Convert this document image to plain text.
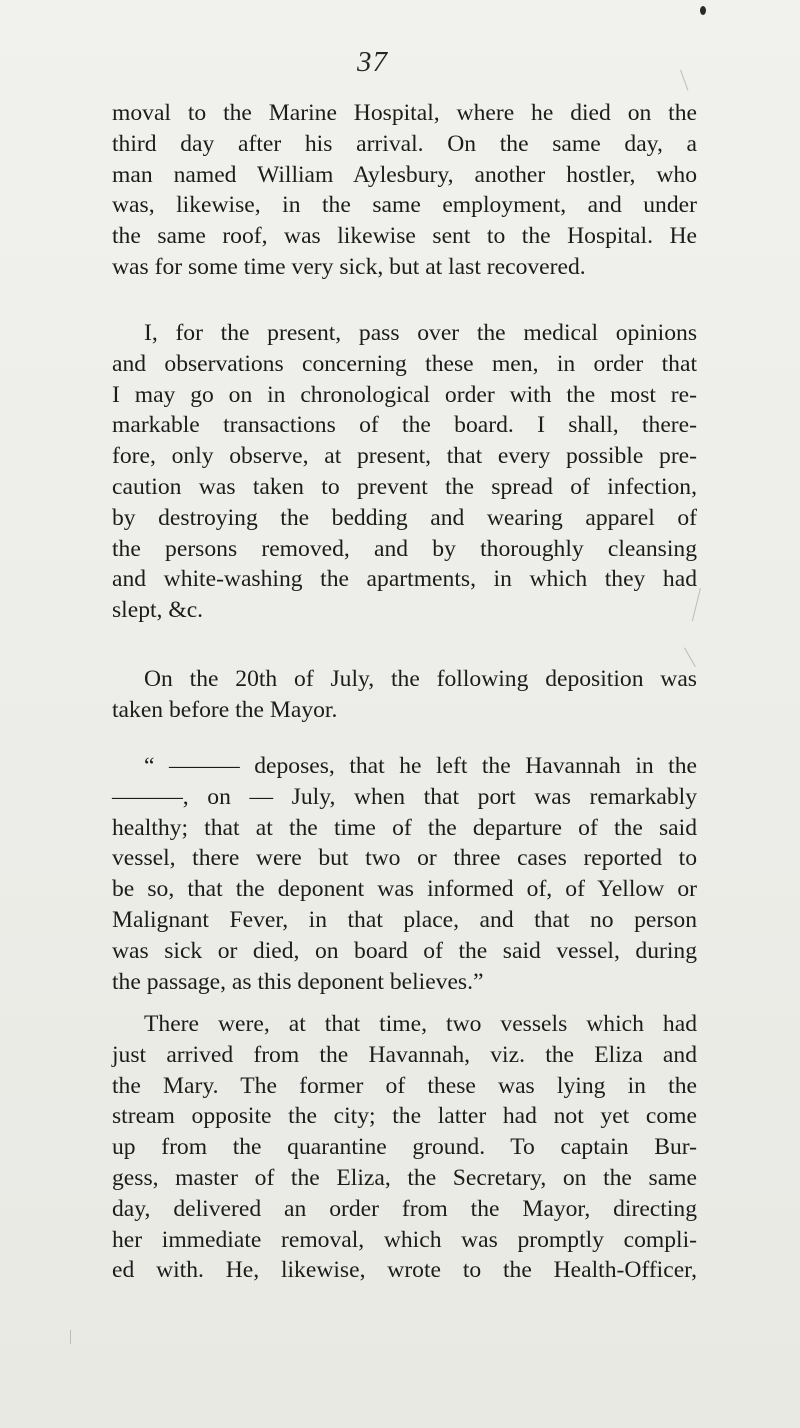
37
moval to the Marine Hospital, where he died on the
third day after his arrival. On the same day, a
man named William Aylesbury, another hostler, who
was, likewise, in the same employment, and under
the same roof, was likewise sent to the Hospital. He
was for some time very sick, but at last recovered.
I, for the present, pass over the medical opinions
and observations concerning these men, in order that
I may go on in chronological order with the most re-
markable transactions of the board. I shall, there-
fore, only observe, at present, that every possible pre-
caution was taken to prevent the spread of infection,
by destroying the bedding and wearing apparel of
the persons removed, and by thoroughly cleansing
and white-washing the apartments, in which they had
slept, &c.
On the 20th of July, the following deposition was
taken before the Mayor.
“ ——— deposes, that he left the Havannah in the
———, on — July, when that port was remarkably
healthy; that at the time of the departure of the said
vessel, there were but two or three cases reported to
be so, that the deponent was informed of, of Yellow or
Malignant Fever, in that place, and that no person
was sick or died, on board of the said vessel, during
the passage, as this deponent believes.”
There were, at that time, two vessels which had
just arrived from the Havannah, viz. the Eliza and
the Mary. The former of these was lying in the
stream opposite the city; the latter had not yet come
up from the quarantine ground. To captain Bur-
gess, master of the Eliza, the Secretary, on the same
day, delivered an order from the Mayor, directing
her immediate removal, which was promptly compli-
ed with. He, likewise, wrote to the Health-Officer,
